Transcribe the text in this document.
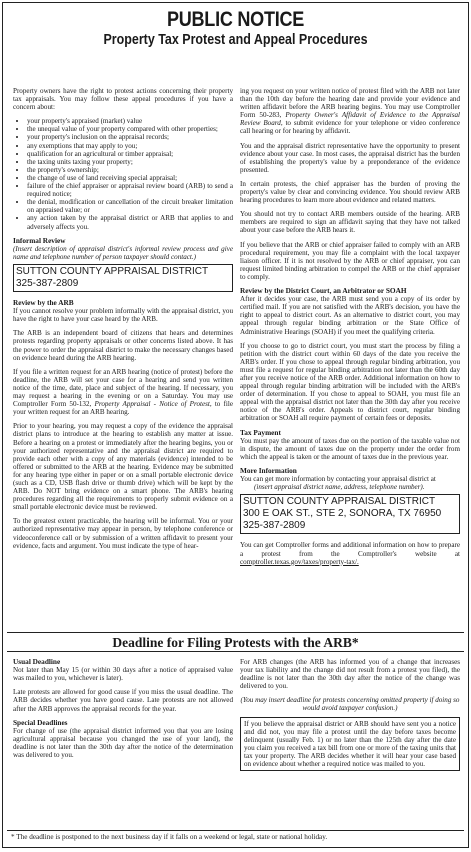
PUBLIC NOTICE
Property Tax Protest and Appeal Procedures

Property owners have the right to protest actions concerning their property tax appraisals. You may follow these appeal procedures if you have a concern about:

• your property's appraised (market) value
• the unequal value of your property compared with other properties;
• your property's inclusion on the appraisal records;
• any exemptions that may apply to you;
• qualification for an agricultural or timber appraisal;
• the taxing units taxing your property;
• the property's ownership;
• the change of use of land receiving special appraisal;
• failure of the chief appraiser or appraisal review board (ARB) to send a required notice;
• the denial, modification or cancellation of the circuit breaker limitation on appraised value; or
• any action taken by the appraisal district or ARB that applies to and adversely affects you.
Informal Review
(Insert description of appraisal district's informal review process and give name and telephone number of person taxpayer should contact.)
SUTTON COUNTY APPRAISAL DISTRICT
325-387-2809
Review by the ARB

If you cannot resolve your problem informally with the appraisal district, you have the right to have your case heard by the ARB.

The ARB is an independent board of citizens that hears and determines protests regarding property appraisals or other concerns listed above. It has the power to order the appraisal district to make the necessary changes based on evidence heard during the ARB hearing.

If you file a written request for an ARB hearing (notice of protest) before the deadline, the ARB will set your case for a hearing and send you written notice of the time, date, place and subject of the hearing. If necessary, you may request a hearing in the evening or on a Saturday. You may use Comptroller Form 50-132, Property Appraisal - Notice of Protest, to file your written request for an ARB hearing.

Prior to your hearing, you may request a copy of the evidence the appraisal district plans to introduce at the hearing to establish any matter at issue. Before a hearing on a protest or immediately after the hearing begins, you or your authorized representative and the appraisal district are required to provide each other with a copy of any materials (evidence) intended to be offered or submitted to the ARB at the hearing. Evidence may be submitted for any hearing type either in paper or on a small portable electronic device (such as a CD, USB flash drive or thumb drive) which will be kept by the ARB. Do NOT bring evidence on a smart phone. The ARB's hearing procedures regarding all the requirements to properly submit evidence on a small portable electronic device must be reviewed.

To the greatest extent practicable, the hearing will be informal. You or your authorized representative may appear in person, by telephone conference or videoconference call or by submission of a written affidavit to present your evidence, facts and argument. You must indicate the type of hear-

ing you request on your written notice of protest filed with the ARB not later than the 10th day before the hearing date and provide your evidence and written affidavit before the ARB hearing begins. You may use Comptroller Form 50-283, Property Owner's Affidavit of Evidence to the Appraisal Review Board, to submit evidence for your telephone or video conference call hearing or for hearing by affidavit.

You and the appraisal district representative have the opportunity to present evidence about your case. In most cases, the appraisal district has the burden of establishing the property's value by a preponderance of the evidence presented.

In certain protests, the chief appraiser has the burden of proving the property's value by clear and convincing evidence. You should review ARB hearing procedures to learn more about evidence and related matters.

You should not try to contact ARB members outside of the hearing. ARB members are required to sign an affidavit saying that they have not talked about your case before the ARB hears it.

If you believe that the ARB or chief appraiser failed to comply with an ARB procedural requirement, you may file a complaint with the local taxpayer liaison officer. If it is not resolved by the ARB or chief appraiser, you can request limited binding arbitration to compel the ARB or the chief appraiser to comply.

Review by the District Court, an Arbitrator or SOAH

After it decides your case, the ARB must send you a copy of its order by certified mail. If you are not satisfied with the ARB's decision, you have the right to appeal to district court. As an alternative to district court, you may appeal through regular binding arbitration or the State Office of Administrative Hearings (SOAH) if you meet the qualifying criteria.

If you choose to go to district court, you must start the process by filing a petition with the district court within 60 days of the date you receive the ARB's order. If you chose to appeal through regular binding arbitration, you must file a request for regular binding arbitration not later than the 60th day after you receive notice of the ARB order. Additional information on how to appeal through regular binding arbitration will be included with the ARB's order of determination. If you chose to appeal to SOAH, you must file an appeal with the appraisal district not later than the 30th day after you receive notice of the ARB's order. Appeals to district court, regular binding arbitration or SOAH all require payment of certain fees or deposits.

Tax Payment

You must pay the amount of taxes due on the portion of the taxable value not in dispute, the amount of taxes due on the property under the order from which the appeal is taken or the amount of taxes due in the previous year.

More Information
You can get more information by contacting your appraisal district at
(insert appraisal district name, address, telephone number).
SUTTON COUNTY APPRAISAL DISTRICT
300 E OAK ST., STE 2, SONORA, TX 76950
325-387-2809

You can get Comptroller forms and additional information on how to prepare a protest from the Comptroller's website at comptroller.texas.gov/taxes/property-tax/.

Deadline for Filing Protests with the ARB*
Usual Deadline

Not later than May 15 (or within 30 days after a notice of appraised value was mailed to you, whichever is later).

Late protests are allowed for good cause if you miss the usual deadline. The ARB decides whether you have good cause. Late protests are not allowed after the ARB approves the appraisal records for the year.

Special Deadlines

For change of use (the appraisal district informed you that you are losing agricultural appraisal because you changed the use of your land), the deadline is not later than the 30th day after the notice of the determination was delivered to you.

For ARB changes (the ARB has informed you of a change that increases your tax liability and the change did not result from a protest you filed), the deadline is not later than the 30th day after the notice of the change was delivered to you.

(You may insert deadline for protests concerning omitted property if doing so would avoid taxpayer confusion.)
If you believe the appraisal district or ARB should have sent you a notice and did not, you may file a protest until the day before taxes become delinquent (usually Feb. 1) or no later than the 125th day after the date you claim you received a tax bill from one or more of the taxing units that tax your property. The ARB decides whether it will hear your case based on evidence about whether a required notice was mailed to you.
* The deadline is postponed to the next business day if it falls on a weekend or legal, state or national holiday.
